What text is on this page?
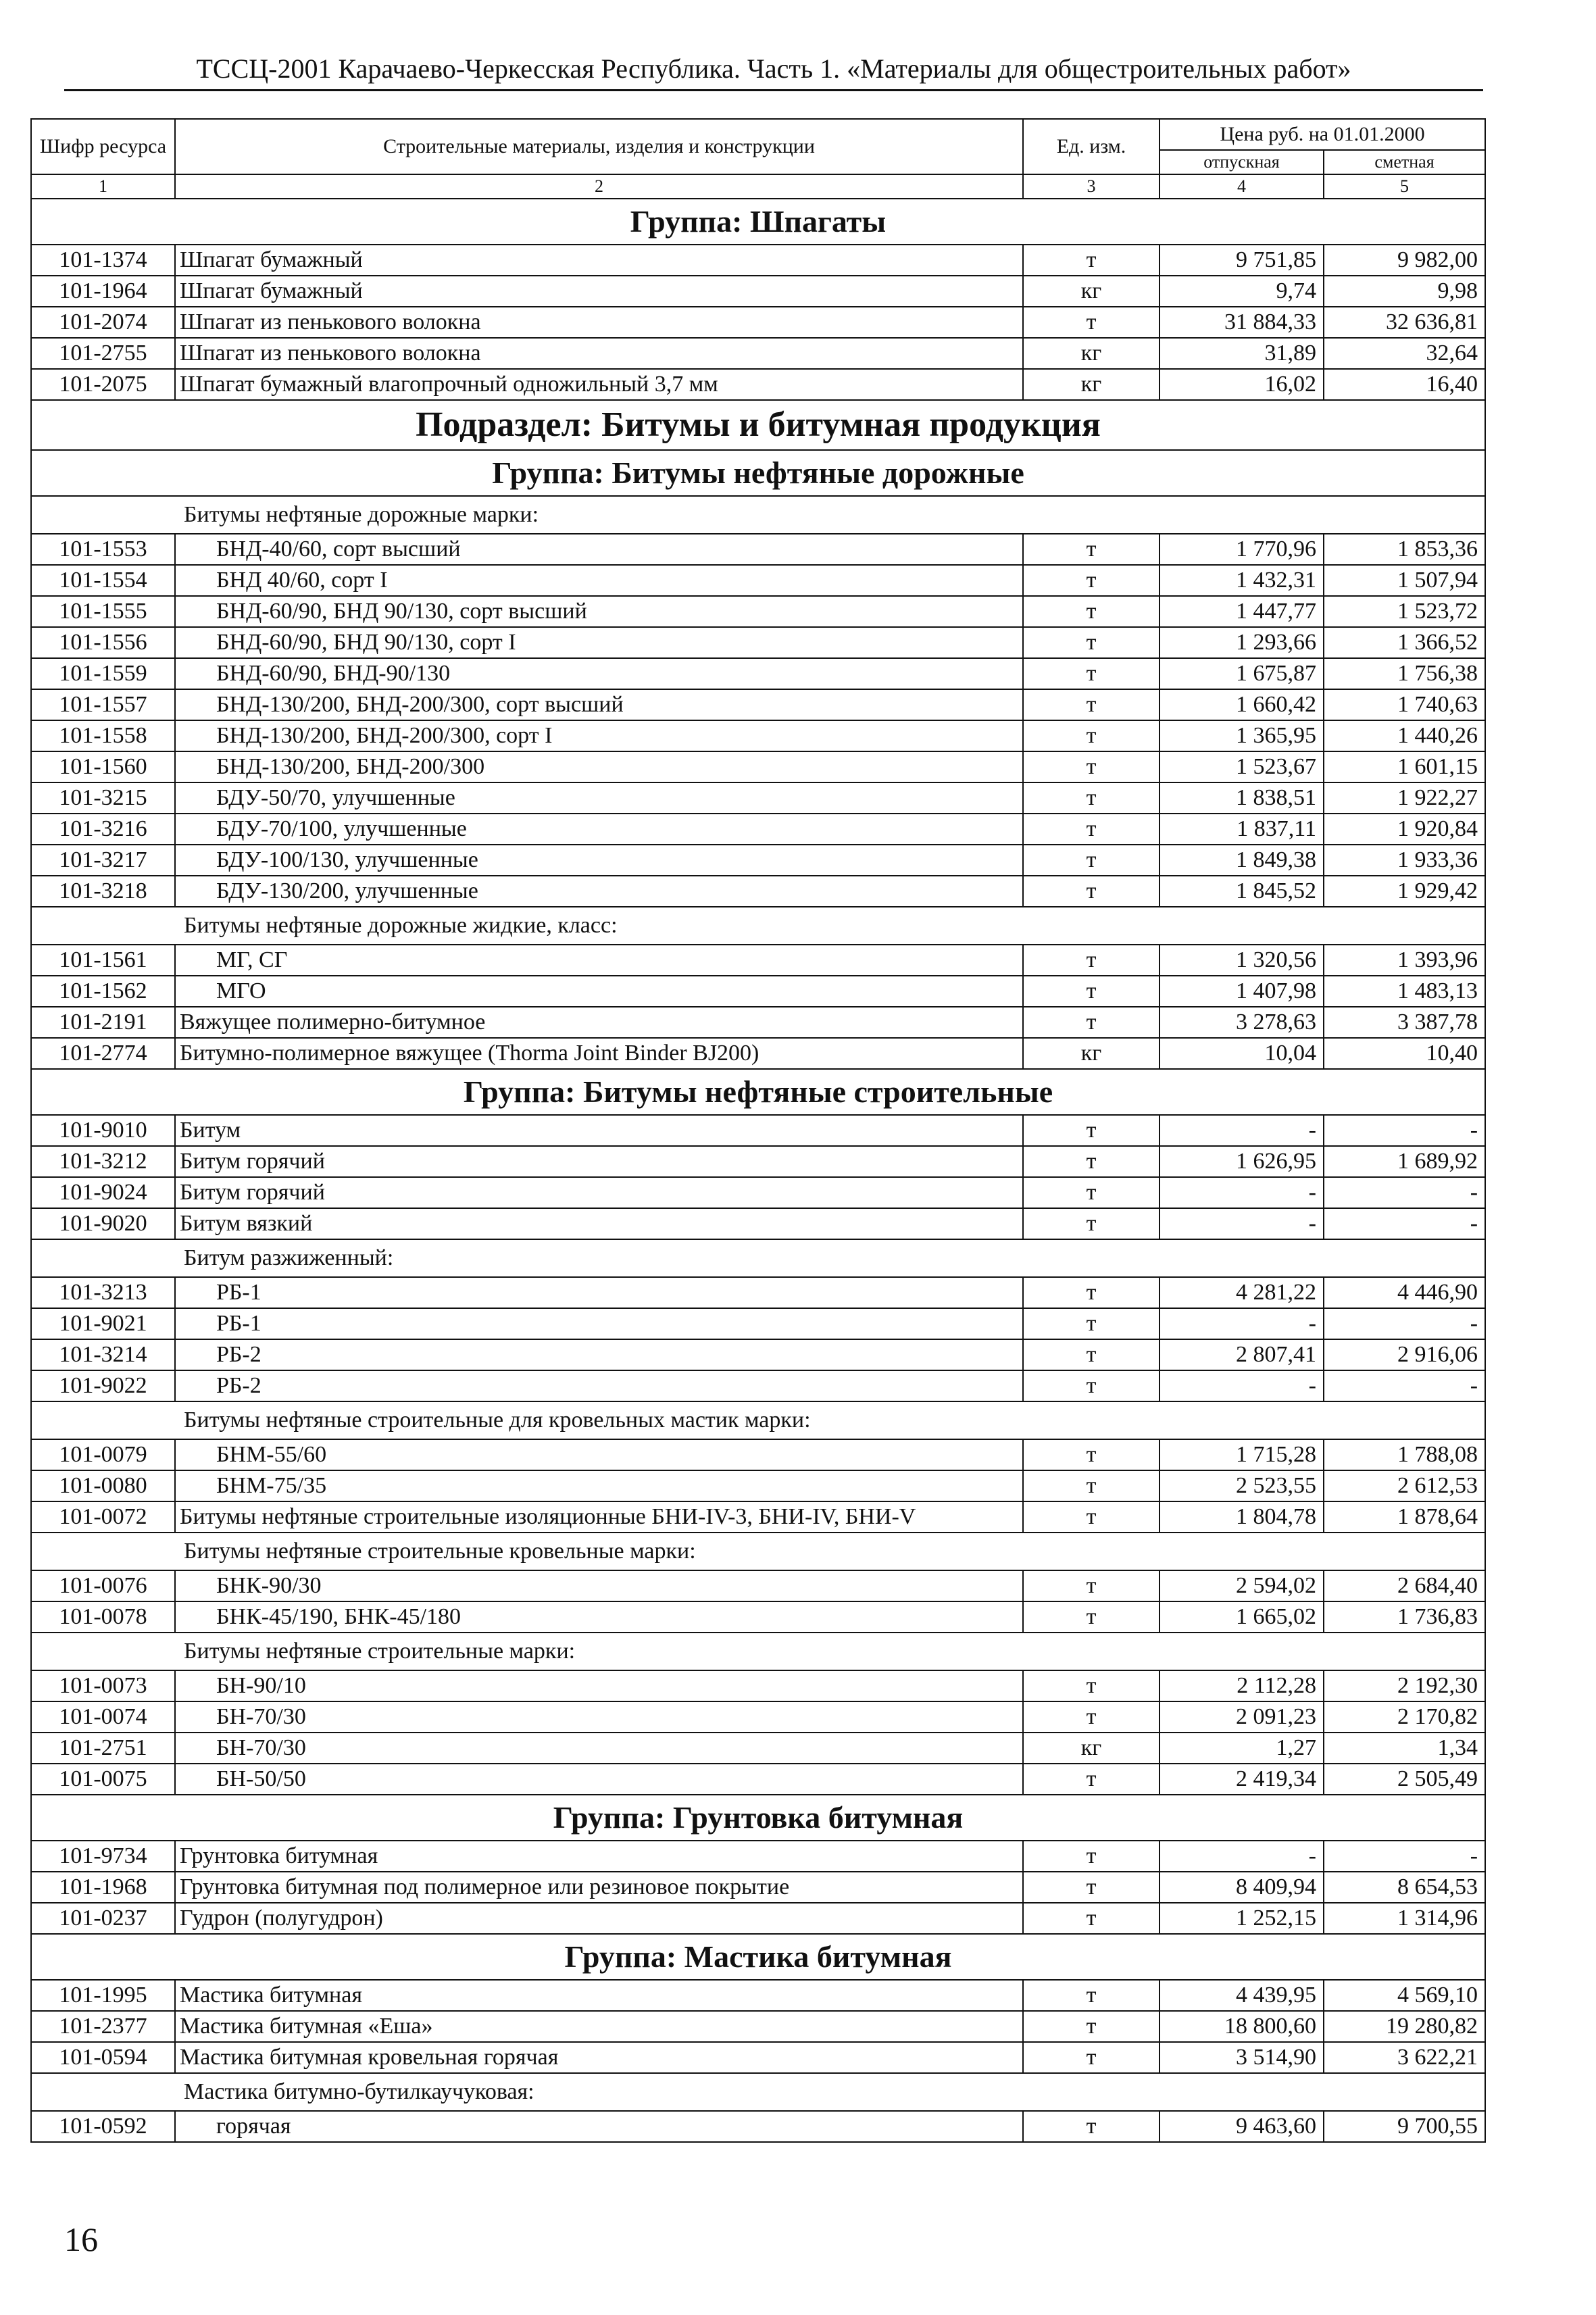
ТССЦ-2001 Карачаево-Черкесская Республика. Часть 1. «Материалы для общестроительных работ»
Шифр ресурса	Строительные материалы, изделия и конструкции	Ед. изм.	Цена руб. на 01.01.2000	
			отпускная	сметная
1	2	3	4	5
Группа: Шпагаты				
101-1374	Шпагат бумажный	т	9 751,85	9 982,00
101-1964	Шпагат бумажный	кг	9,74	9,98
101-2074	Шпагат из пенькового волокна	т	31 884,33	32 636,81
101-2755	Шпагат из пенькового волокна	кг	31,89	32,64
101-2075	Шпагат бумажный влагопрочный одножильный 3,7 мм	кг	16,02	16,40
Подраздел: Битумы и битумная продукция				
Группа: Битумы нефтяные дорожные				
Битумы нефтяные дорожные марки:				
101-1553	БНД-40/60, сорт высший	т	1 770,96	1 853,36
101-1554	БНД 40/60, сорт I	т	1 432,31	1 507,94
101-1555	БНД-60/90, БНД 90/130, сорт высший	т	1 447,77	1 523,72
101-1556	БНД-60/90, БНД 90/130, сорт I	т	1 293,66	1 366,52
101-1559	БНД-60/90, БНД-90/130	т	1 675,87	1 756,38
101-1557	БНД-130/200, БНД-200/300, сорт высший	т	1 660,42	1 740,63
101-1558	БНД-130/200, БНД-200/300, сорт I	т	1 365,95	1 440,26
101-1560	БНД-130/200, БНД-200/300	т	1 523,67	1 601,15
101-3215	БДУ-50/70, улучшенные	т	1 838,51	1 922,27
101-3216	БДУ-70/100, улучшенные	т	1 837,11	1 920,84
101-3217	БДУ-100/130, улучшенные	т	1 849,38	1 933,36
101-3218	БДУ-130/200, улучшенные	т	1 845,52	1 929,42
Битумы нефтяные дорожные жидкие, класс:				
101-1561	МГ, СГ	т	1 320,56	1 393,96
101-1562	МГО	т	1 407,98	1 483,13
101-2191	Вяжущее полимерно-битумное	т	3 278,63	3 387,78
101-2774	Битумно-полимерное вяжущее (Thorma Joint Binder BJ200)	кг	10,04	10,40
Группа: Битумы нефтяные строительные				
101-9010	Битум	т	-	-
101-3212	Битум горячий	т	1 626,95	1 689,92
101-9024	Битум горячий	т	-	-
101-9020	Битум вязкий	т	-	-
Битум разжиженный:				
101-3213	РБ-1	т	4 281,22	4 446,90
101-9021	РБ-1	т	-	-
101-3214	РБ-2	т	2 807,41	2 916,06
101-9022	РБ-2	т	-	-
Битумы нефтяные строительные для кровельных мастик марки:				
101-0079	БНМ-55/60	т	1 715,28	1 788,08
101-0080	БНМ-75/35	т	2 523,55	2 612,53
101-0072	Битумы нефтяные строительные изоляционные БНИ-IV-3, БНИ-IV, БНИ-V	т	1 804,78	1 878,64
Битумы нефтяные строительные кровельные марки:				
101-0076	БНК-90/30	т	2 594,02	2 684,40
101-0078	БНК-45/190, БНК-45/180	т	1 665,02	1 736,83
Битумы нефтяные строительные марки:				
101-0073	БН-90/10	т	2 112,28	2 192,30
101-0074	БН-70/30	т	2 091,23	2 170,82
101-2751	БН-70/30	кг	1,27	1,34
101-0075	БН-50/50	т	2 419,34	2 505,49
Группа: Грунтовка битумная				
101-9734	Грунтовка битумная	т	-	-
101-1968	Грунтовка битумная под полимерное или резиновое покрытие	т	8 409,94	8 654,53
101-0237	Гудрон (полугудрон)	т	1 252,15	1 314,96
Группа: Мастика битумная				
101-1995	Мастика битумная	т	4 439,95	4 569,10
101-2377	Мастика битумная «Еша»	т	18 800,60	19 280,82
101-0594	Мастика битумная кровельная горячая	т	3 514,90	3 622,21
Мастика битумно-бутилкаучуковая:				
101-0592	горячая	т	9 463,60	9 700,55
16
